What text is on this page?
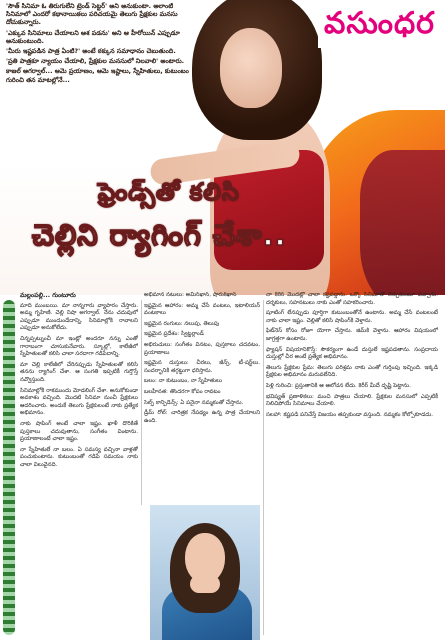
వసుంధర

'సౌత్ సినిమా ఓ తిరుగులేని ట్రెండ్ సెట్టర్' అని అనుకుంటా. అలాంటి సినిమాలో ఎందరో కథానాయికలు పరిచయమై తెలుగు ప్రేక్షకుల మనసు దోచుకున్నారు.

'ఎక్కువ సినిమాలు చేయాలని ఆశ పడను' అని ఆ హీరోయిన్ ఎప్పుడూ అనుకుంటుంది.

'మీరు ఇష్టపడిన పాత్ర ఏంటి?' అంటే ఠక్కున సమాధానం చెబుతుంది.

'ప్రతి పాత్రకూ న్యాయం చేయాలి, ప్రేక్షకుల మనసులో నిలవాలి' అంటారు.

కాజల్ అగర్వాల్... ఆమె ప్రయాణం, ఆమె ఇష్టాలు, స్నేహితులు, కుటుంబం గురించి తన మాటల్లోనే...

ఫ్రెండ్స్‌తో కలిసి
చెల్లిని ర్యాగింగ్ చేశా..

మల్లంపల్లి... గుంటూరు

మాది ముంబయి. మా నాన్నగారు వ్యాపారం చేస్తారు. అమ్మ గృహిణి. చెల్లి నిషా అగర్వాల్. నేను చదువులో ఎప్పుడూ ముందుండేదాన్ని. సినిమాల్లోకి రావాలని ఎప్పుడూ అనుకోలేదు.

చిన్నప్పట్నుంచీ మా ఇంట్లో అందరూ నన్ను ఎంతో గారాబంగా చూసుకునేవారు. స్కూల్లో, కాలేజీలో స్నేహితులతో కలిసి చాలా సరదాగా గడిపేదాన్ని.

మా చెల్లి కాలేజీలో చేరినప్పుడు స్నేహితులతో కలిసి తనను ర్యాగింగ్ చేశా. ఆ సంగతి ఇప్పటికీ గుర్తొస్తే నవ్వొస్తుంది.

సినిమాల్లోకి రాకముందు మోడలింగ్ చేశా. అనుకోకుండా అవకాశం వచ్చింది. మొదటి సినిమా నుంచీ ప్రేక్షకులు ఆదరించారు. అందుకే తెలుగు ప్రేక్షకులంటే నాకు ప్రత్యేక అభిమానం.

నాకు షాపింగ్ అంటే చాలా ఇష్టం. ఖాళీ దొరికితే పుస్తకాలు చదువుతాను, సంగీతం వింటాను. ప్రయాణాలంటే చాలా ఇష్టం.

నా స్నేహితులే నా బలం. ఏ సమస్య వచ్చినా వాళ్లతో పంచుకుంటాను. కుటుంబంతో గడిపే సమయం నాకు చాలా విలువైనది.

అభిమాన నటులు: అమీర్‌ఖాన్, షారుక్‌ఖాన్

ఇష్టమైన ఆహారం: అమ్మ చేసే వంటలు, ఇటాలియన్ వంటకాలు

ఇష్టమైన రంగులు: నలుపు, తెలుపు

ఇష్టమైన ప్రదేశం: స్విట్జర్లాండ్

అభిరుచులు: సంగీతం వినటం, పుస్తకాలు చదవటం, ప్రయాణాలు

ఇష్టమైన దుస్తులు: చీరలు, జీన్స్, టీ-షర్ట్‌లు. సందర్భానికి తగ్గట్టుగా ధరిస్తాను.

బలం: నా కుటుంబం, నా స్నేహితులు

బలహీనత: తొందరగా కోపం రావటం

సెల్ఫ్ కాన్ఫిడెన్స్: ఏ పనైనా నమ్మకంతో చేస్తాను.

డ్రీమ్ రోల్: చారిత్రక నేపథ్యం ఉన్న పాత్ర చేయాలని ఉంది.

నా కెరీర్ మొదట్లో చాలా కష్టపడ్డాను. ఒక్కో సినిమాతో నేర్చుకుంటూ వచ్చాను. దర్శకులు, సహనటులు నాకు ఎంతో సహకరించారు.

షూటింగ్ లేనప్పుడు పూర్తిగా కుటుంబంతోనే ఉంటాను. అమ్మ చేసే వంటలంటే నాకు చాలా ఇష్టం. చెల్లితో కలిసి షాపింగ్‌కి వెళ్తాను.

ఫిట్‌నెస్ కోసం రోజూ యోగా చేస్తాను. జిమ్‌కి వెళ్తాను. ఆహారం విషయంలో జాగ్రత్తగా ఉంటాను.

ఫ్యాషన్ విషయానికొస్తే: సౌకర్యంగా ఉండే దుస్తులే ఇష్టపడతాను. సంప్రదాయ దుస్తుల్లో చీర అంటే ప్రత్యేక అభిమానం.

తెలుగు ప్రేక్షకుల ప్రేమ: తెలుగు పరిశ్రమ నాకు ఎంతో గుర్తింపు ఇచ్చింది. ఇక్కడి ప్రేక్షకుల అభిమానం మరువలేనిది.

పెళ్లి గురించి: ప్రస్తుతానికి ఆ ఆలోచన లేదు. కెరీర్ మీదే దృష్టి పెట్టాను.

భవిష్యత్ ప్రణాళికలు: మంచి పాత్రలు చేయాలి. ప్రేక్షకుల మనసులో ఎప్పటికీ నిలిచిపోయే సినిమాలు చేయాలి.

సలహా: కష్టపడి పనిచేస్తే విజయం తప్పకుండా వస్తుంది. నమ్మకం కోల్పోకూడదు.
